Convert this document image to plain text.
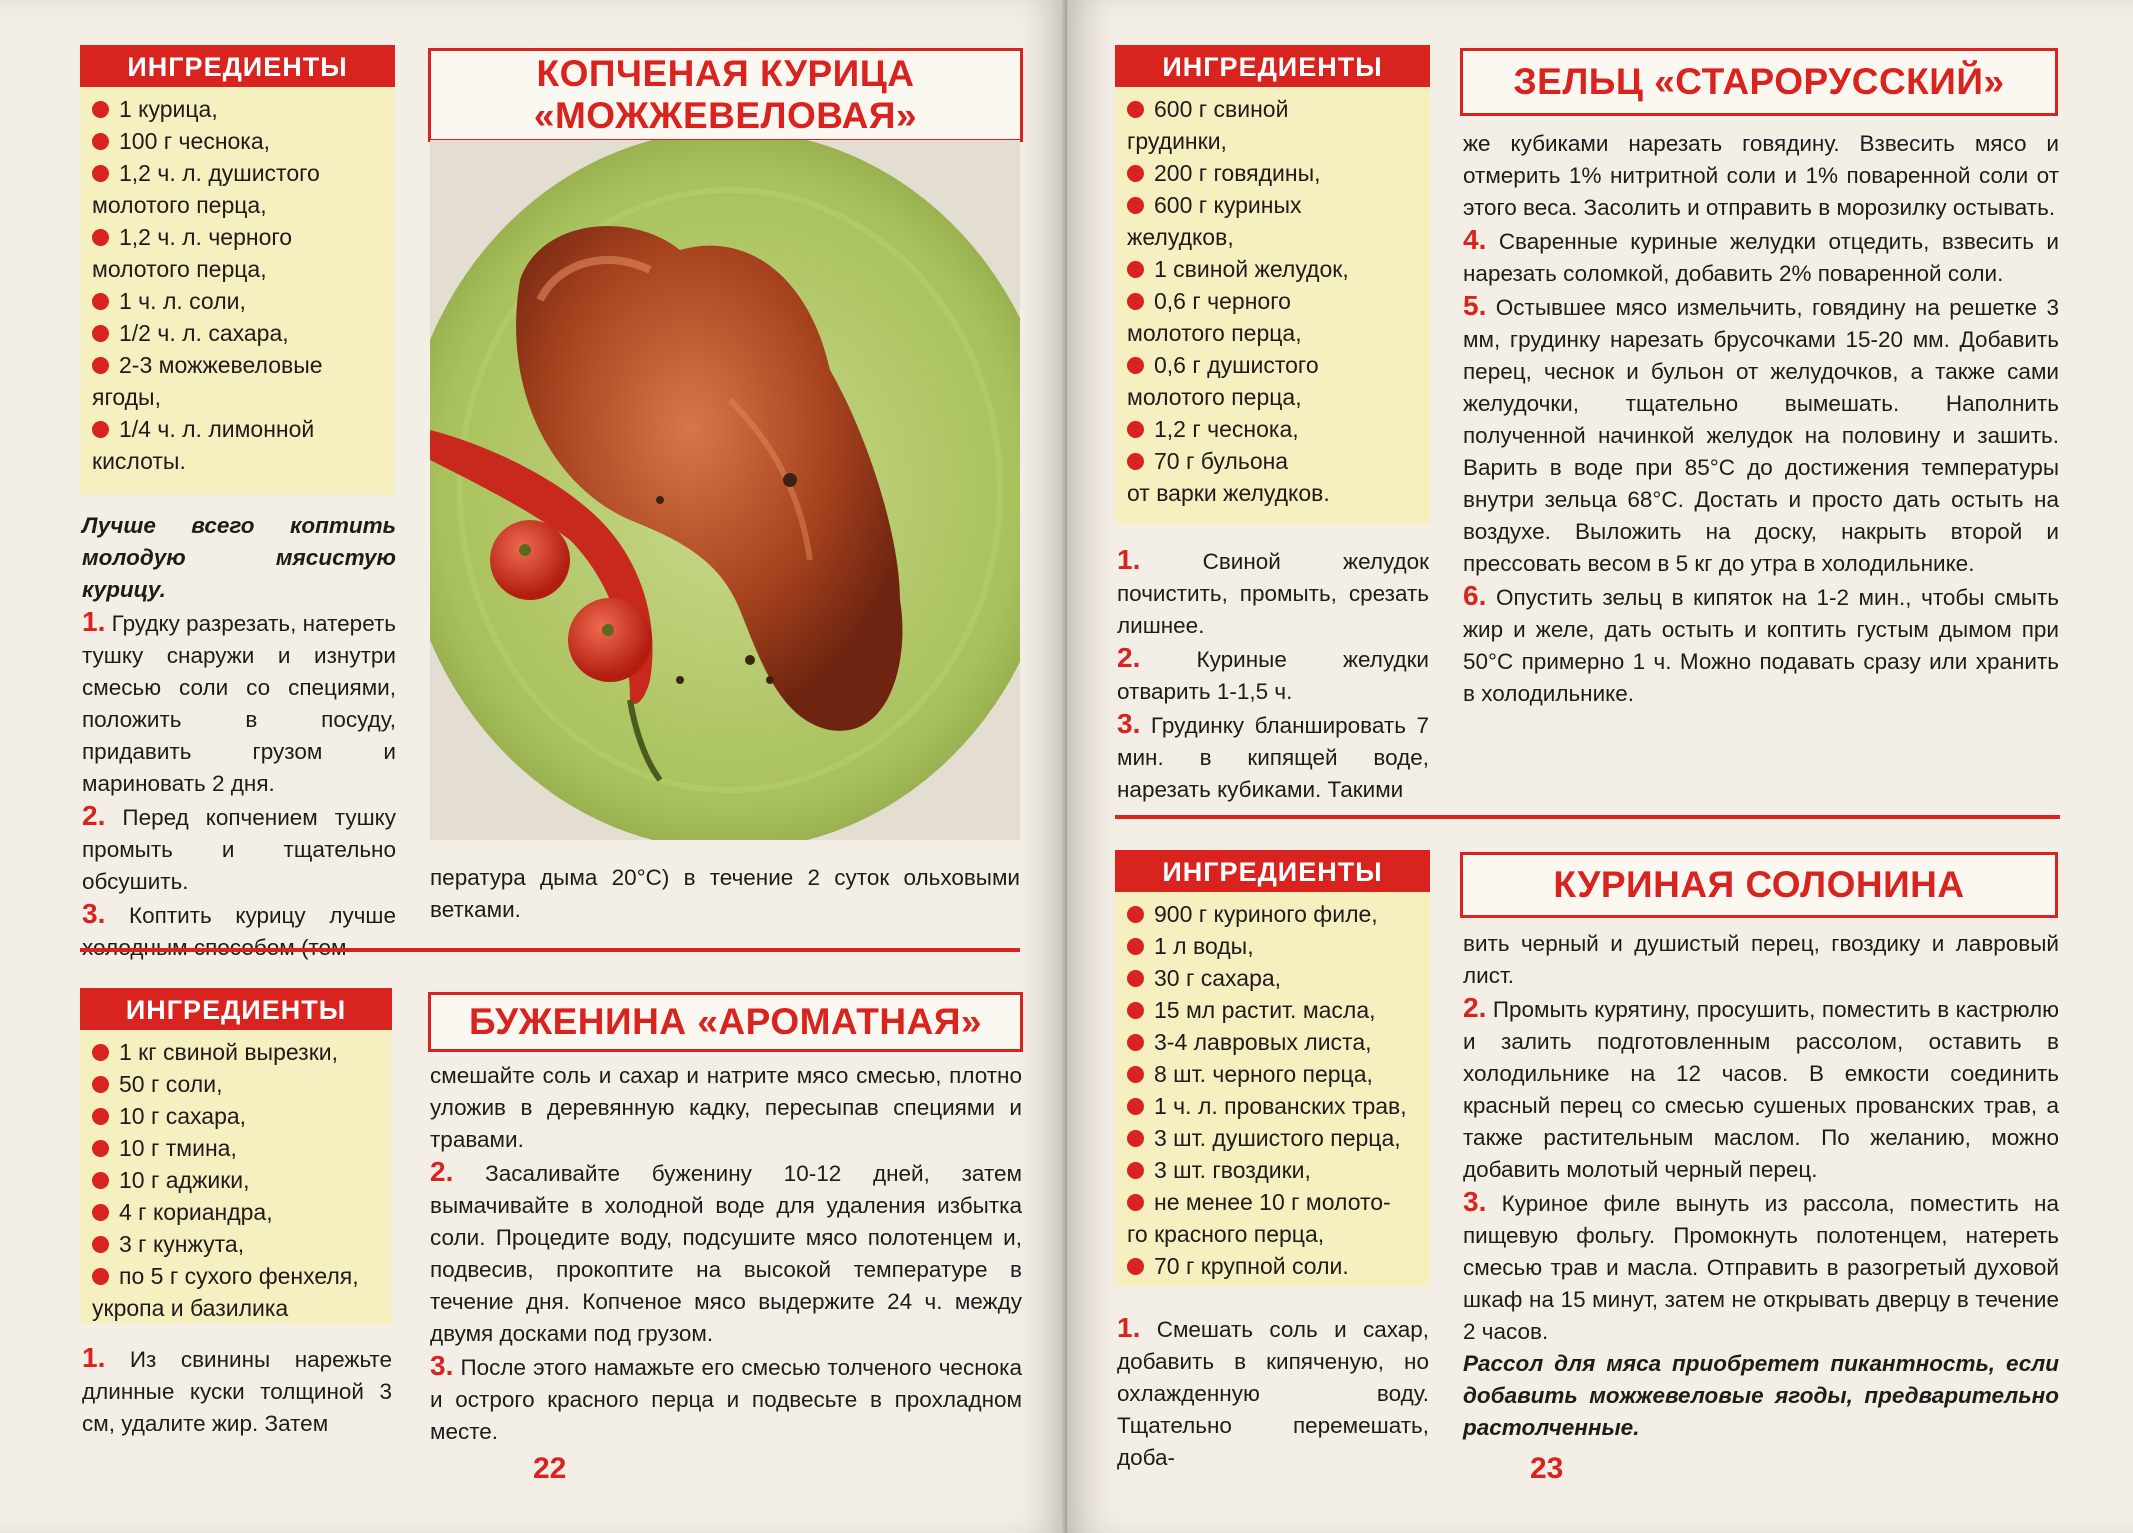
ИНГРЕДИЕНТЫ
1 курица,
100 г чеснока,
1,2 ч. л. душистого
молотого перца,
1,2 ч. л. черного
молотого перца,
1 ч. л. соли,
1/2 ч. л. сахара,
2-3 можжевеловые
ягоды,
1/4 ч. л. лимонной
кислоты.
КОПЧЕНАЯ КУРИЦА
«МОЖЖЕВЕЛОВАЯ»

Лучше всего коптить молодую мясистую курицу.

1. Грудку разрезать, натереть тушку снаружи и изнутри смесью соли со специями, положить в посуду, придавить грузом и мариновать 2 дня.

2. Перед копчением тушку промыть и тщательно обсушить.

3. Коптить курицу лучше

пература дыма 20°С) в течение 2 суток ольховыми ветками.

ИНГРЕДИЕНТЫ
1 кг свиной вырезки,
50 г соли,
10 г сахара,
10 г тмина,
10 г аджики,
4 г кориандра,
3 г кунжута,
по 5 г сухого фенхеля,
укропа и базилика
БУЖЕНИНА «АРОМАТНАЯ»

1. Из свинины нарежьте длинные куски толщиной 3 см, удалите жир. Затем

смешайте соль и сахар и натрите мясо смесью, плотно уложив в деревянную кадку, пересыпав специями и травами.

2. Засаливайте буженину 10-12 дней, затем вымачивайте в холодной воде для удаления избытка соли. Процедите воду, подсушите мясо полотенцем и, подвесив, прокоптите на высокой температуре в течение дня. Копченое мясо выдержите 24 ч. между двумя досками под грузом.

3. После этого намажьте его смесью толченого чеснока и острого красного перца и подвесьте в прохладном месте.

22
ИНГРЕДИЕНТЫ
600 г свиной
грудинки,
200 г говядины,
600 г куриных
желудков,
1 свиной желудок,
0,6 г черного
молотого перца,
0,6 г душистого
молотого перца,
1,2 г чеснока,
70 г бульона
от варки желудков.
ЗЕЛЬЦ «СТАРОРУССКИЙ»

1.	Свиной желудок почистить, промыть, срезать лишнее.

2. Куриные желудки отварить 1-1,5 ч.

3. Грудинку бланшировать 7 мин. в кипящей воде, нарезать кубиками. Такими

же кубиками нарезать говядину. Взвесить мясо и отмерить 1% нитритной соли и 1% поваренной соли от этого веса. Засолить и отправить в морозилку остывать.

4. Сваренные куриные желудки отцедить, взвесить и нарезать соломкой, добавить 2% поваренной соли.

5. Остывшее мясо измельчить, говядину на решетке 3 мм, грудинку нарезать брусочками 15-20 мм. Добавить перец, чеснок и бульон от желудочков, а также сами желудочки, тщательно вымешать. Наполнить полученной начинкой желудок на половину и зашить. Варить в воде при 85°С до достижения температуры внутри зельца 68°С. Достать и просто дать остыть на воздухе. Выложить на доску, накрыть второй и прессовать весом в 5 кг до утра в холодильнике.

6. Опустить зельц в кипяток на 1-2 мин., чтобы смыть жир и желе, дать остыть и коптить густым дымом при 50°С примерно 1 ч. Можно подавать сразу или хранить в холодильнике.

ИНГРЕДИЕНТЫ
900 г куриного филе,
1 л воды,
30 г сахара,
15 мл растит. масла,
3-4 лавровых листа,
8 шт. черного перца,
1 ч. л. прованских трав,
3 шт. душистого перца,
3 шт. гвоздики,
не менее 10 г молото-
го красного перца,
70 г крупной соли.
КУРИНАЯ СОЛОНИНА

1. Смешать соль и сахар, добавить в кипяченую, но охлажденную воду. Тщательно перемешать, доба-

вить черный и душистый перец, гвоздику и лавровый лист.

2. Промыть курятину, просушить, поместить в кастрюлю и залить подготовленным рассолом, оставить в холодильнике на 12 часов. В емкости соединить красный перец со смесью сушеных прованских трав, а также растительным маслом. По желанию, можно добавить молотый черный перец.

3. Куриное филе вынуть из рассола, поместить на пищевую фольгу. Промокнуть полотенцем, натереть смесью трав и масла. Отправить в разогретый духовой шкаф на 15 минут, затем не открывать дверцу в течение 2 часов.

Рассол для мяса приобретет пикантность, если добавить можжевеловые ягоды, предварительно растолченные.

23
